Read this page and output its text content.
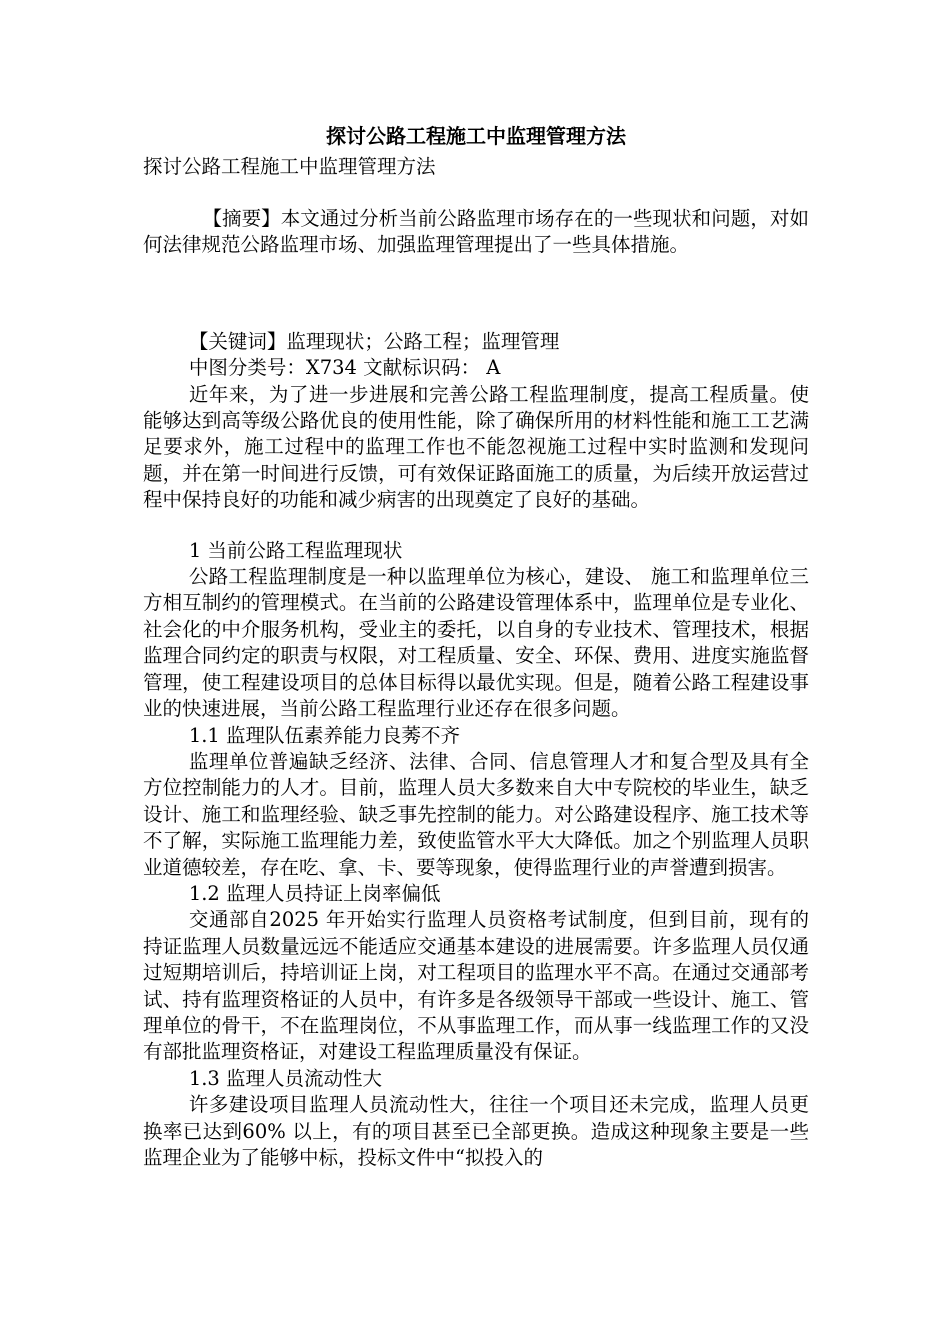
探讨公路工程施工中监理管理方法

探讨公路工程施工中监理管理方法

【摘要】本文通过分析当前公路监理市场存在的一些现状和问题，对如何法律规范公路监理市场、加强监理管理提出了一些具体措施。

【关键词】监理现状；公路工程；监理管理

中图分类号：X734 文献标识码： A

近年来，为了进一步进展和完善公路工程监理制度，提高工程质量。使能够达到高等级公路优良的使用性能，除了确保所用的材料性能和施工工艺满足要求外，施工过程中的监理工作也不能忽视施工过程中实时监测和发现问题，并在第一时间进行反馈，可有效保证路面施工的质量，为后续开放运营过程中保持良好的功能和减少病害的出现奠定了良好的基础。

1 当前公路工程监理现状

公路工程监理制度是一种以监理单位为核心，建设、 施工和监理单位三方相互制约的管理模式。在当前的公路建设管理体系中，监理单位是专业化、社会化的中介服务机构，受业主的委托，以自身的专业技术、管理技术，根据监理合同约定的职责与权限，对工程质量、安全、环保、费用、进度实施监督管理，使工程建设项目的总体目标得以最优实现。但是，随着公路工程建设事业的快速进展，当前公路工程监理行业还存在很多问题。

1.1 监理队伍素养能力良莠不齐

监理单位普遍缺乏经济、法律、合同、信息管理人才和复合型及具有全方位控制能力的人才。目前，监理人员大多数来自大中专院校的毕业生，缺乏设计、施工和监理经验、缺乏事先控制的能力。对公路建设程序、施工技术等不了解，实际施工监理能力差，致使监管水平大大降低。加之个别监理人员职业道德较差，存在吃、拿、卡、要等现象，使得监理行业的声誉遭到损害。

1.2 监理人员持证上岗率偏低

交通部自2025 年开始实行监理人员资格考试制度，但到目前，现有的持证监理人员数量远远不能适应交通基本建设的进展需要。许多监理人员仅通过短期培训后，持培训证上岗，对工程项目的监理水平不高。在通过交通部考试、持有监理资格证的人员中，有许多是各级领导干部或一些设计、施工、管理单位的骨干，不在监理岗位，不从事监理工作，而从事一线监理工作的又没有部批监理资格证，对建设工程监理质量没有保证。

1.3 监理人员流动性大

许多建设项目监理人员流动性大，往往一个项目还未完成，监理人员更换率已达到60% 以上，有的项目甚至已全部更换。造成这种现象主要是一些监理企业为了能够中标，投标文件中“拟投入的
